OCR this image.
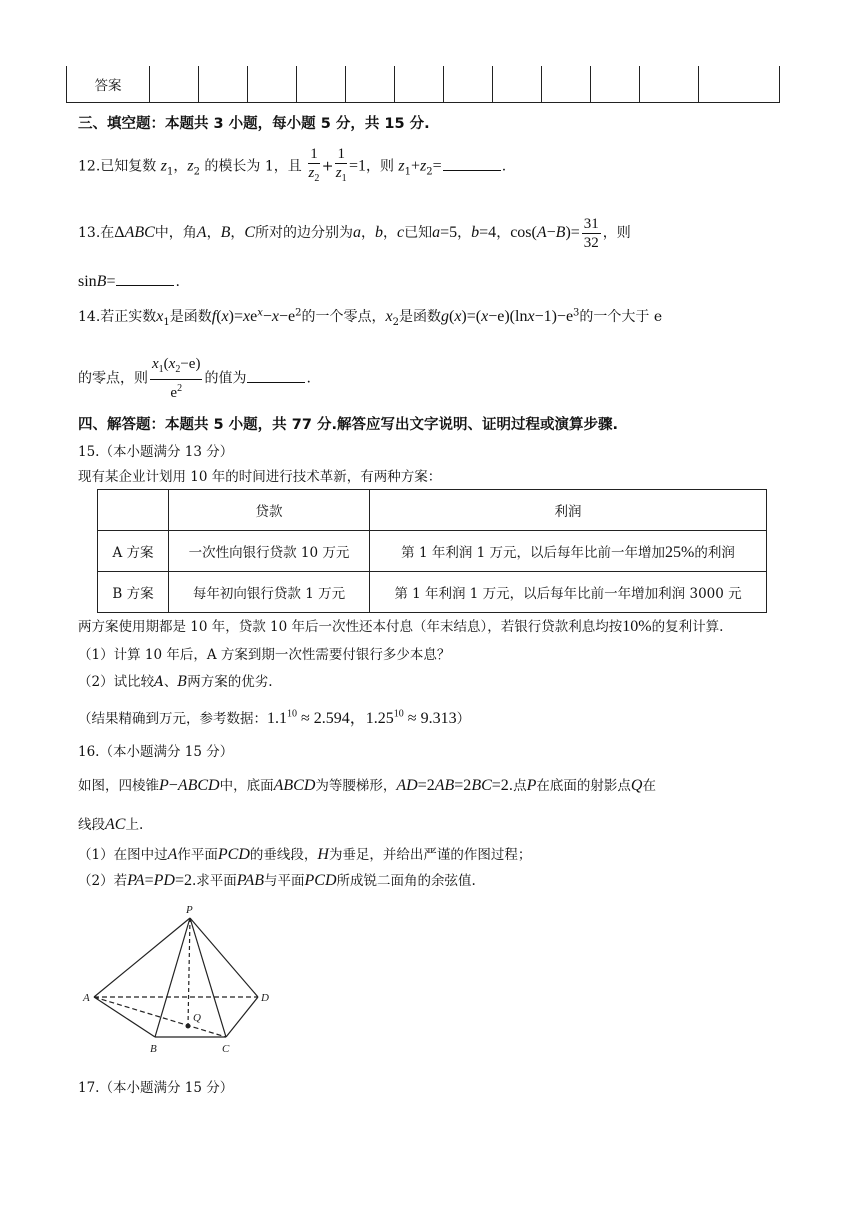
答案												
三、填空题：本题共 3 小题，每小题 5 分，共 15 分.
12.已知复数 $z_1$，$z_2$ 的模长为 1，且 $\frac{1}{z_2} + \frac{1}{z_1} =1$，则 $z_1+z_2=$	.
13.在ΔABC中，角A，B，C所对的边分别为a，b，c已知a=5，b=4，$\cos(A-B)= \frac{31}{32}$ ，则
sinB=	.
14.若正实数$x_1$是函数$f(x)=xe^x-x-e^2$的一个零点，$x_2$是函数$g(x)=(x-e)(\ln x-1)-e^3$的一个大于 e
的零点，则 $\frac{x_1(x_2-e)}{e^2}$ 的值为	.
四、解答题：本题共 5 小题，共 77 分.解答应写出文字说明、证明过程或演算步骤.
15.（本小题满分 13 分）
现有某企业计划用 10 年的时间进行技术革新，有两种方案：
	贷款	利润
A 方案	一次性向银行贷款 10 万元	第 1 年利润 1 万元，以后每年比前一年增加25%的利润
B 方案	每年初向银行贷款 1 万元	第 1 年利润 1 万元，以后每年比前一年增加利润 3000 元
两方案使用期都是 10 年，贷款 10 年后一次性还本付息（年末结息），若银行贷款利息均按10%的复利计算.
（1）计算 10 年后，A 方案到期一次性需要付银行多少本息？
（2）试比较A、B两方案的优劣.
（结果精确到万元，参考数据：$1.1^{10} \approx 2.594$，$1.25^{10} \approx 9.313$）
16.（本小题满分 15 分）
如图，四棱锥P−ABCD中，底面ABCD为等腰梯形，AD=2AB=2BC=2.点P在底面的射影点Q在
线段AC上.
（1）在图中过A作平面PCD的垂线段，H为垂足，并给出严谨的作图过程；
（2）若PA=PD=2.求平面PAB与平面PCD所成锐二面角的余弦值.
P
A
B	C
D
Q
17.（本小题满分 15 分）
